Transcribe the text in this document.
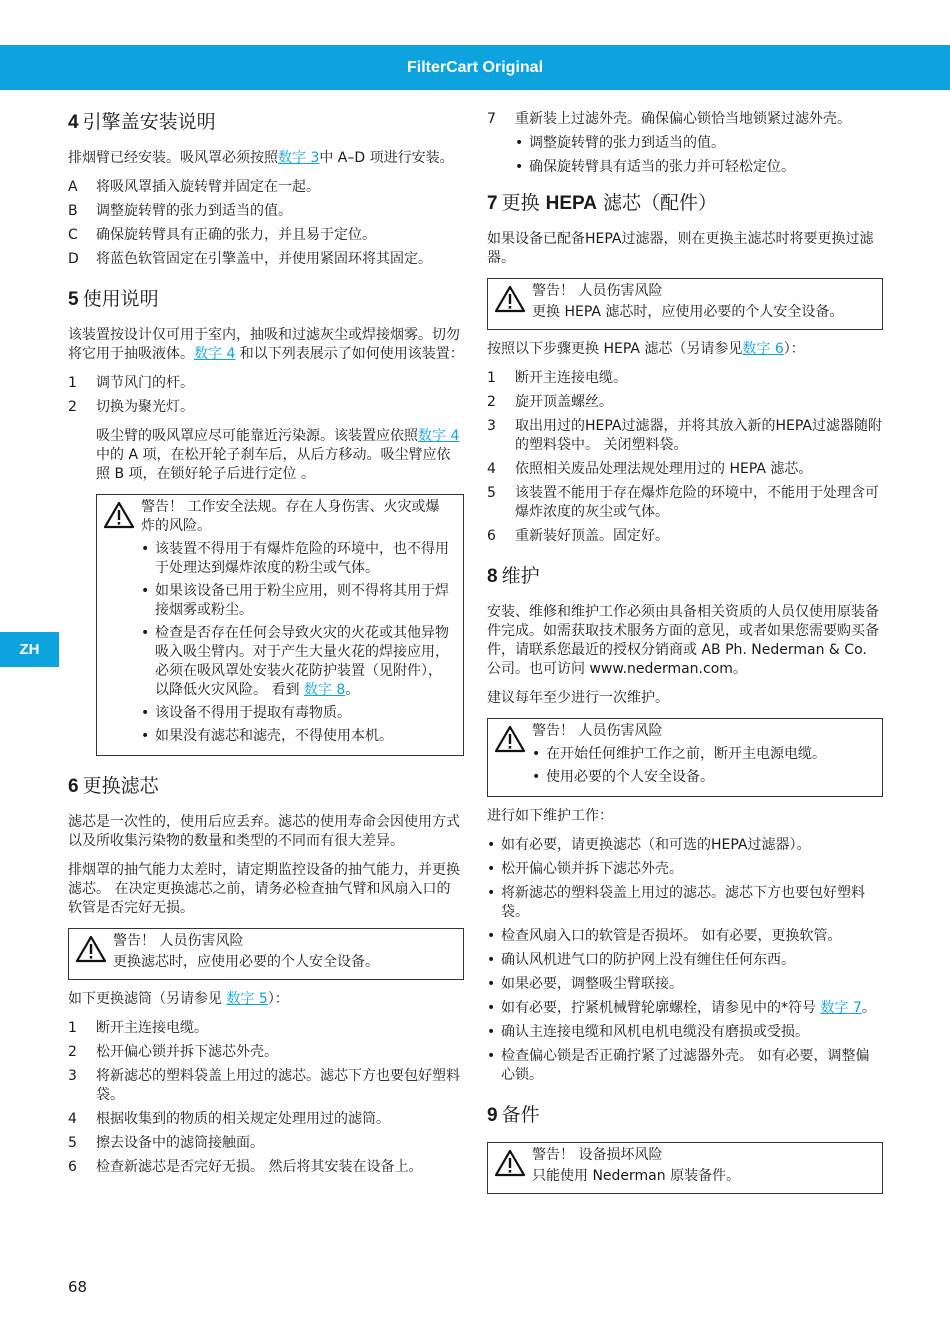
FilterCart Original
ZH
4 引擎盖安装说明

排烟臂已经安装。吸风罩必须按照数字 3中 A–D 项进行安装。

A 将吸风罩插入旋转臂并固定在一起。
B 调整旋转臂的张力到适当的值。
C 确保旋转臂具有正确的张力，并且易于定位。
D 将蓝色软管固定在引擎盖中，并使用紧固环将其固定。
5 使用说明

该装置按设计仅可用于室内，抽吸和过滤灰尘或焊接烟雾。切勿将它用于抽吸液体。数字 4 和以下列表展示了如何使用该装置：

1 调节风门的杆。
2 切换为聚光灯。

吸尘臂的吸风罩应尽可能靠近污染源。该装置应依照数字 4中的 A 项，在松开轮子刹车后，从后方移动。吸尘臂应依照 B 项，在锁好轮子后进行定位 。

警告！ 工作安全法规。存在人身伤害、火灾或爆炸的风险。
• 该装置不得用于有爆炸危险的环境中，也不得用于处理达到爆炸浓度的粉尘或气体。
• 如果该设备已用于粉尘应用，则不得将其用于焊接烟雾或粉尘。
• 检查是否存在任何会导致火灾的火花或其他异物吸入吸尘臂内。对于产生大量火花的焊接应用，必须在吸风罩处安装火花防护装置（见附件），以降低火灾风险。 看到 数字 8。
• 该设备不得用于提取有毒物质。
• 如果没有滤芯和滤壳，不得使用本机。
6 更换滤芯

滤芯是一次性的，使用后应丢弃。滤芯的使用寿命会因使用方式以及所收集污染物的数量和类型的不同而有很大差异。

排烟罩的抽气能力太差时，请定期监控设备的抽气能力，并更换滤芯。 在决定更换滤芯之前，请务必检查抽气臂和风扇入口的软管是否完好无损。

警告！ 人员伤害风险
更换滤芯时，应使用必要的个人安全设备。

如下更换滤筒（另请参见 数字 5）：

1 断开主连接电缆。
2 松开偏心锁并拆下滤芯外壳。
3 将新滤芯的塑料袋盖上用过的滤芯。滤芯下方也要包好塑料袋。
4 根据收集到的物质的相关规定处理用过的滤筒。
5 擦去设备中的滤筒接触面。
6 检查新滤芯是否完好无损。 然后将其安装在设备上。
7 重新装上过滤外壳。确保偏心锁恰当地锁紧过滤外壳。
• 调整旋转臂的张力到适当的值。
• 确保旋转臂具有适当的张力并可轻松定位。
7 更换 HEPA 滤芯（配件）

如果设备已配备HEPA过滤器，则在更换主滤芯时将要更换过滤器。

警告！ 人员伤害风险
更换 HEPA 滤芯时，应使用必要的个人安全设备。

按照以下步骤更换 HEPA 滤芯（另请参见数字 6）：

1 断开主连接电缆。
2 旋开顶盖螺丝。
3 取出用过的HEPA过滤器，并将其放入新的HEPA过滤器随附的塑料袋中。 关闭塑料袋。
4 依照相关废品处理法规处理用过的 HEPA 滤芯。
5 该装置不能用于存在爆炸危险的环境中，不能用于处理含可爆炸浓度的灰尘或气体。
6 重新装好顶盖。固定好。
8 维护

安装、维修和维护工作必须由具备相关资质的人员仅使用原装备件完成。如需获取技术服务方面的意见，或者如果您需要购买备件，请联系您最近的授权分销商或 AB Ph. Nederman & Co. 公司。也可访问 www.nederman.com。

建议每年至少进行一次维护。

警告！ 人员伤害风险
• 在开始任何维护工作之前，断开主电源电缆。
• 使用必要的个人安全设备。

进行如下维护工作：

• 如有必要，请更换滤芯（和可选的HEPA过滤器）。
• 松开偏心锁并拆下滤芯外壳。
• 将新滤芯的塑料袋盖上用过的滤芯。滤芯下方也要包好塑料袋。
• 检查风扇入口的软管是否损坏。 如有必要，更换软管。
• 确认风机进气口的防护网上没有缠住任何东西。
• 如果必要，调整吸尘臂联接。
• 如有必要，拧紧机械臂轮廓螺栓，请参见中的*符号 数字 7。
• 确认主连接电缆和风机电机电缆没有磨损或受损。
• 检查偏心锁是否正确拧紧了过滤器外壳。 如有必要，调整偏心锁。
9 备件
警告！ 设备损坏风险
只能使用 Nederman 原装备件。
68
